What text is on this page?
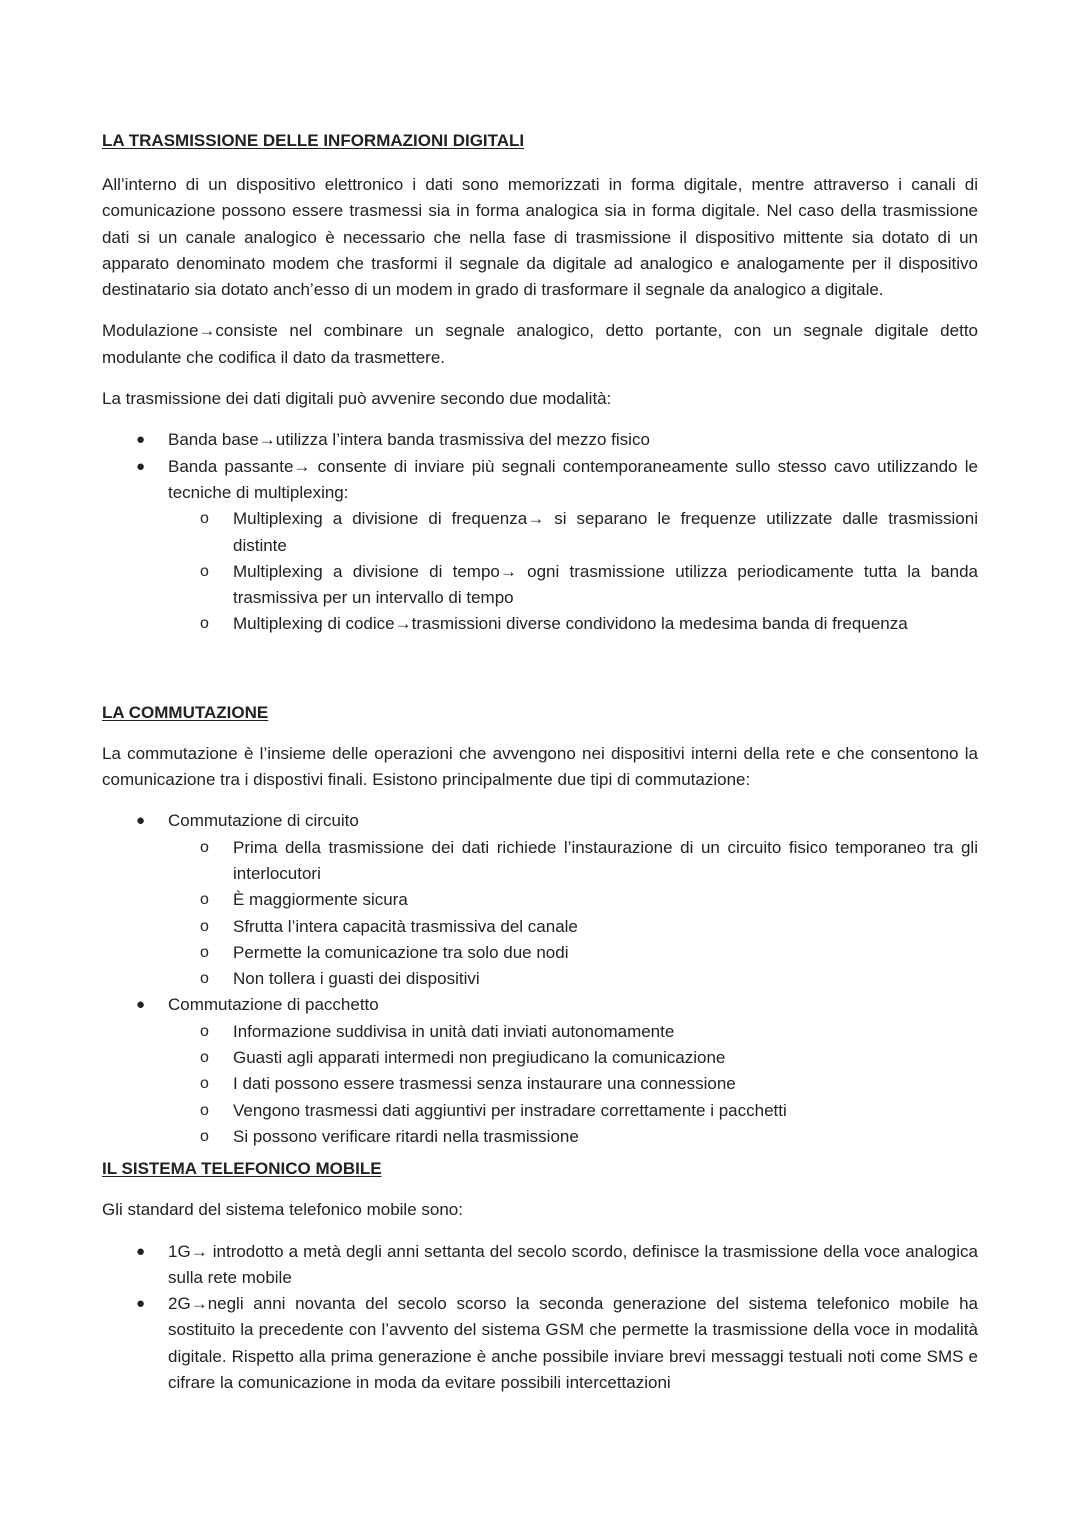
LA TRASMISSIONE DELLE INFORMAZIONI DIGITALI

All’interno di un dispositivo elettronico i dati sono memorizzati in forma digitale, mentre attraverso i canali di comunicazione possono essere trasmessi sia in forma analogica sia in forma digitale. Nel caso della trasmissione dati si un canale analogico è necessario che nella fase di trasmissione il dispositivo mittente sia dotato di un apparato denominato modem che trasformi il segnale da digitale ad analogico e analogamente per il dispositivo destinatario sia dotato anch’esso di un modem in grado di trasformare il segnale da analogico a digitale.

Modulazione→consiste nel combinare un segnale analogico, detto portante, con un segnale digitale detto modulante che codifica il dato da trasmettere.

La trasmissione dei dati digitali può avvenire secondo due modalità:

● Banda base→utilizza l’intera banda trasmissiva del mezzo fisico
● Banda passante→ consente di inviare più segnali contemporaneamente sullo stesso cavo utilizzando le tecniche di multiplexing:
o Multiplexing a divisione di frequenza→ si separano le frequenze utilizzate dalle trasmissioni distinte
o Multiplexing a divisione di tempo→ ogni trasmissione utilizza periodicamente tutta la banda trasmissiva per un intervallo di tempo
o Multiplexing di codice→trasmissioni diverse condividono la medesima banda di frequenza
LA COMMUTAZIONE

La commutazione è l’insieme delle operazioni che avvengono nei dispositivi interni della rete e che consentono la comunicazione tra i dispostivi finali. Esistono principalmente due tipi di commutazione:

● Commutazione di circuito
o Prima della trasmissione dei dati richiede l’instaurazione di un circuito fisico temporaneo tra gli interlocutori
o È maggiormente sicura
o Sfrutta l’intera capacità trasmissiva del canale
o Permette la comunicazione tra solo due nodi
o Non tollera i guasti dei dispositivi
● Commutazione di pacchetto
o Informazione suddivisa in unità dati inviati autonomamente
o Guasti agli apparati intermedi non pregiudicano la comunicazione
o I dati possono essere trasmessi senza instaurare una connessione
o Vengono trasmessi dati aggiuntivi per instradare correttamente i pacchetti
o Si possono verificare ritardi nella trasmissione
IL SISTEMA TELEFONICO MOBILE

Gli standard del sistema telefonico mobile sono:

● 1G→ introdotto a metà degli anni settanta del secolo scordo, definisce la trasmissione della voce analogica sulla rete mobile
● 2G→negli anni novanta del secolo scorso la seconda generazione del sistema telefonico mobile ha sostituito la precedente con l’avvento del sistema GSM che permette la trasmissione della voce in modalità digitale. Rispetto alla prima generazione è anche possibile inviare brevi messaggi testuali noti come SMS e cifrare la comunicazione in moda da evitare possibili intercettazioni
